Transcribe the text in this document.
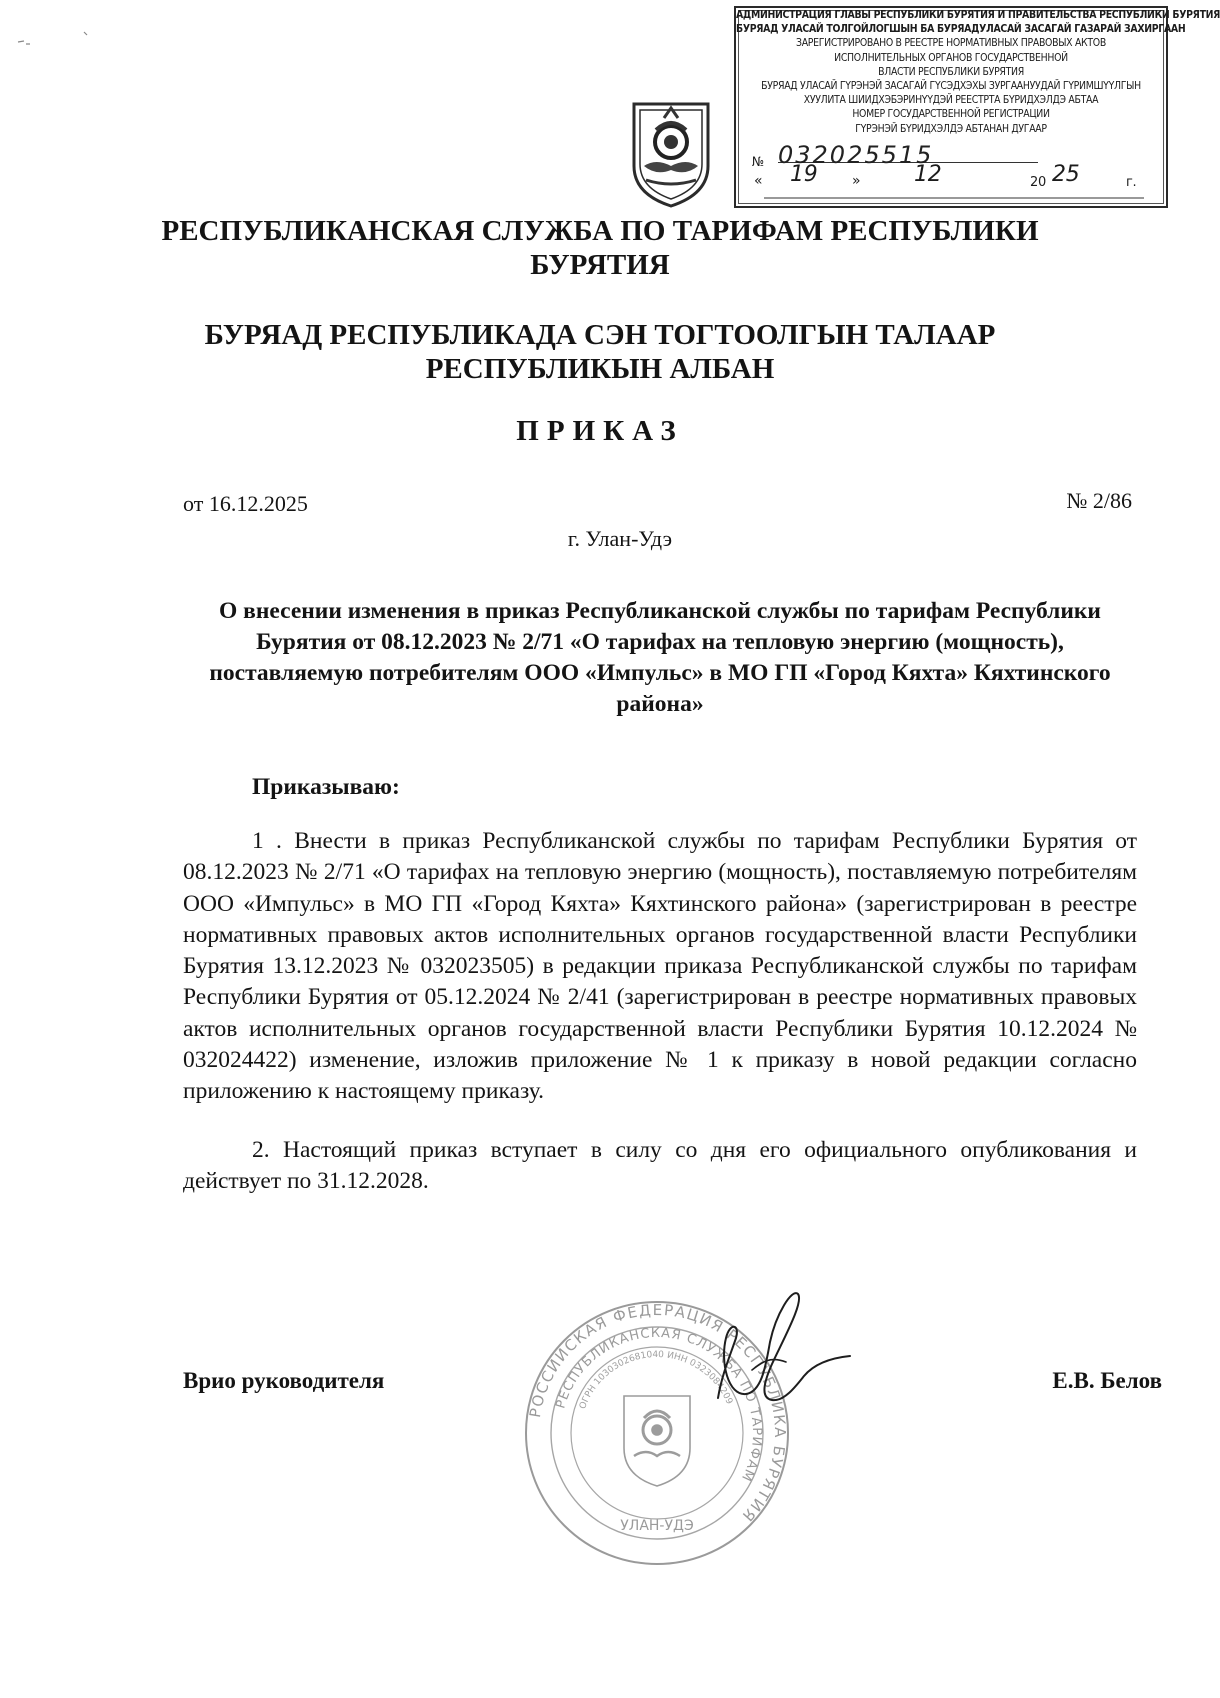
АДМИНИСТРАЦИЯ ГЛАВЫ РЕСПУБЛИКИ БУРЯТИЯ И ПРАВИТЕЛЬСТВА РЕСПУБЛИКИ БУРЯТИЯ
БУРЯАД УЛАСАЙ ТОЛГОЙЛОГШЫН БА БУРЯАДУЛАСАЙ ЗАСАГАЙ ГАЗАРАЙ ЗАХИРГААН
ЗАРЕГИСТРИРОВАНО В РЕЕСТРЕ НОРМАТИВНЫХ ПРАВОВЫХ АКТОВ
ИСПОЛНИТЕЛЬНЫХ ОРГАНОВ ГОСУДАРСТВЕННОЙ
ВЛАСТИ РЕСПУБЛИКИ БУРЯТИЯ
БУРЯАД УЛАСАЙ ГҮРЭНЭЙ ЗАСАГАЙ ГҮСЭДХЭХЫ ЗУРГААНУУДАЙ ГҮРИМШҮҮЛГЫН
ХУУЛИТА ШИИДХЭБЭРИНҮҮДЭЙ РЕЕСТРТА БҮРИДХЭЛДЭ АБТАА
НОМЕР ГОСУДАРСТВЕННОЙ РЕГИСТРАЦИИ
ГҮРЭНЭЙ БҮРИДХЭЛДЭ АБТАHАН ДУГААР
№ 032025515
« 19 » 12	20 25	г.
РЕСПУБЛИКАНСКАЯ СЛУЖБА ПО ТАРИФАМ РЕСПУБЛИКИ БУРЯТИЯ
БУРЯАД РЕСПУБЛИКАДА СЭН ТОГТООЛГЫН ТАЛААР РЕСПУБЛИКЫН АЛБАН
ПРИКАЗ
от 16.12.2025	№ 2/86
г. Улан-Удэ
О внесении изменения в приказ Республиканской службы по тарифам Республики Бурятия от 08.12.2023 № 2/71 «О тарифах на тепловую энергию (мощность), поставляемую потребителям ООО «Импульс» в МО ГП «Город Кяхта» Кяхтинского района»
Приказываю:

1 . Внести в приказ Республиканской службы по тарифам Республики Бурятия от 08.12.2023 № 2/71 «О тарифах на тепловую энергию (мощность), поставляемую потребителям ООО «Импульс» в МО ГП «Город Кяхта» Кяхтинского района» (зарегистрирован в реестре нормативных правовых актов исполнительных органов государственной власти Республики Бурятия 13.12.2023 № 032023505) в редакции приказа Республиканской службы по тарифам Республики Бурятия от 05.12.2024 № 2/41 (зарегистрирован в реестре нормативных правовых актов исполнительных органов государственной власти Республики Бурятия 10.12.2024 № 032024422) изменение, изложив приложение № 1 к приказу в новой редакции согласно приложению к настоящему приказу.

2. Настоящий приказ вступает в силу со дня его официального опубликования и действует по 31.12.2028.

РОССИЙСКАЯ ФЕДЕРАЦИЯ РЕСПУБЛИКА БУРЯТИЯ
РЕСПУБЛИКАНСКАЯ СЛУЖБА ПО ТАРИФАМ
ОГРН 1030302681040 ИНН 0323084209
УЛАН-УДЭ
Врио руководителя	Е.В. Белов
